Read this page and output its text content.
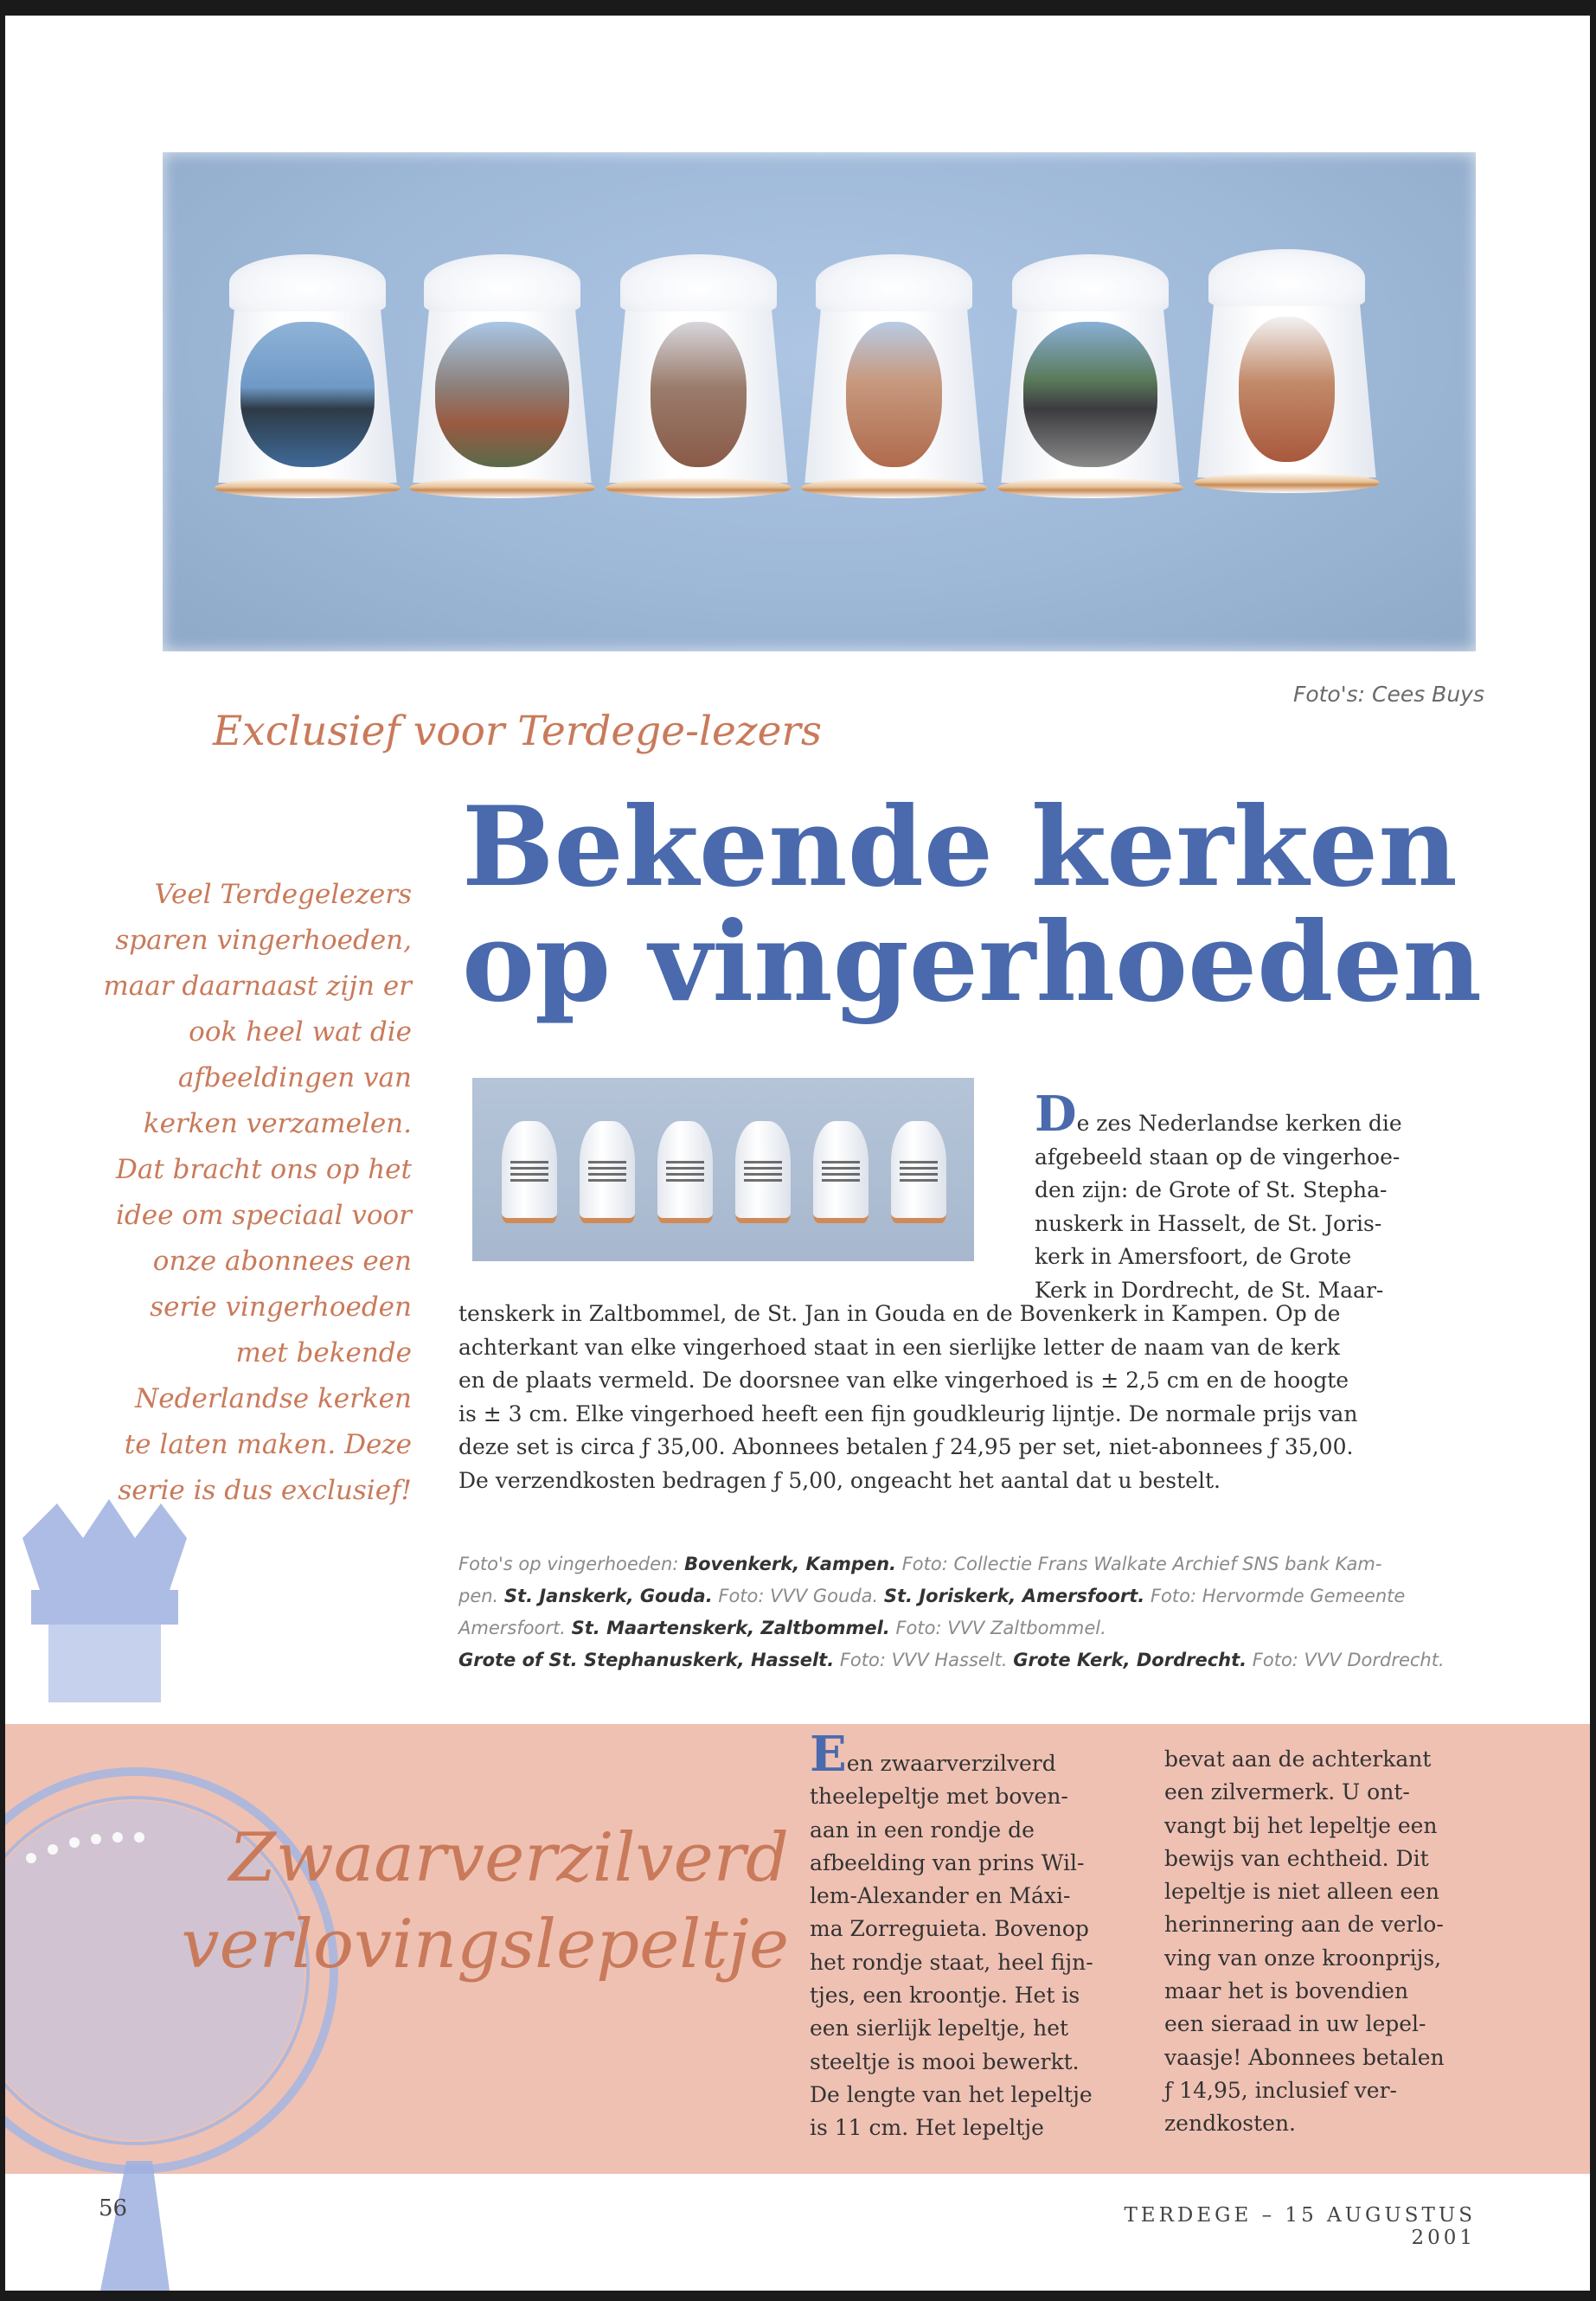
Foto's: Cees Buys
Exclusief voor Terdege-lezers
Bekende kerken
op vingerhoeden
Veel Terdegelezers sparen vingerhoeden, maar daarnaast zijn er ook heel wat die afbeeldingen van kerken verzamelen. Dat bracht ons op het idee om speciaal voor onze abonnees een serie vingerhoeden met bekende Nederlandse kerken te laten maken. Deze serie is dus exclusief!
De zes Nederlandse kerken die
afgebeeld staan op de vingerhoe-
den zijn: de Grote of St. Stepha-
nuskerk in Hasselt, de St. Joris-
kerk in Amersfoort, de Grote
Kerk in Dordrecht, de St. Maar-
tenskerk in Zaltbommel, de St. Jan in Gouda en de Bovenkerk in Kampen. Op de
achterkant van elke vingerhoed staat in een sierlijke letter de naam van de kerk
en de plaats vermeld. De doorsnee van elke vingerhoed is ± 2,5 cm en de hoogte
is ± 3 cm. Elke vingerhoed heeft een fijn goudkleurig lijntje. De normale prijs van
deze set is circa ƒ 35,00. Abonnees betalen ƒ 24,95 per set, niet-abonnees ƒ 35,00.
De verzendkosten bedragen ƒ 5,00, ongeacht het aantal dat u bestelt.
Foto's op vingerhoeden: Bovenkerk, Kampen. Foto: Collectie Frans Walkate Archief SNS bank Kam-
pen. St. Janskerk, Gouda. Foto: VVV Gouda. St. Joriskerk, Amersfoort. Foto: Hervormde Gemeente
Amersfoort. St. Maartenskerk, Zaltbommel. Foto: VVV Zaltbommel.
Grote of St. Stephanuskerk, Hasselt. Foto: VVV Hasselt. Grote Kerk, Dordrecht. Foto: VVV Dordrecht.
Zwaarverzilverd
verlovingslepeltje
Een zwaarverzilverd
theelepeltje met boven-
aan in een rondje de
afbeelding van prins Wil-
lem-Alexander en Máxi-
ma Zorreguieta. Bovenop
het rondje staat, heel fijn-
tjes, een kroontje. Het is
een sierlijk lepeltje, het
steeltje is mooi bewerkt.
De lengte van het lepeltje
is 11 cm. Het lepeltje
bevat aan de achterkant
een zilvermerk. U ont-
vangt bij het lepeltje een
bewijs van echtheid. Dit
lepeltje is niet alleen een
herinnering aan de verlo-
ving van onze kroonprijs,
maar het is bovendien
een sieraad in uw lepel-
vaasje! Abonnees betalen
ƒ 14,95, inclusief ver-
zendkosten.
56	TERDEGE – 15 AUGUSTUS 2001
